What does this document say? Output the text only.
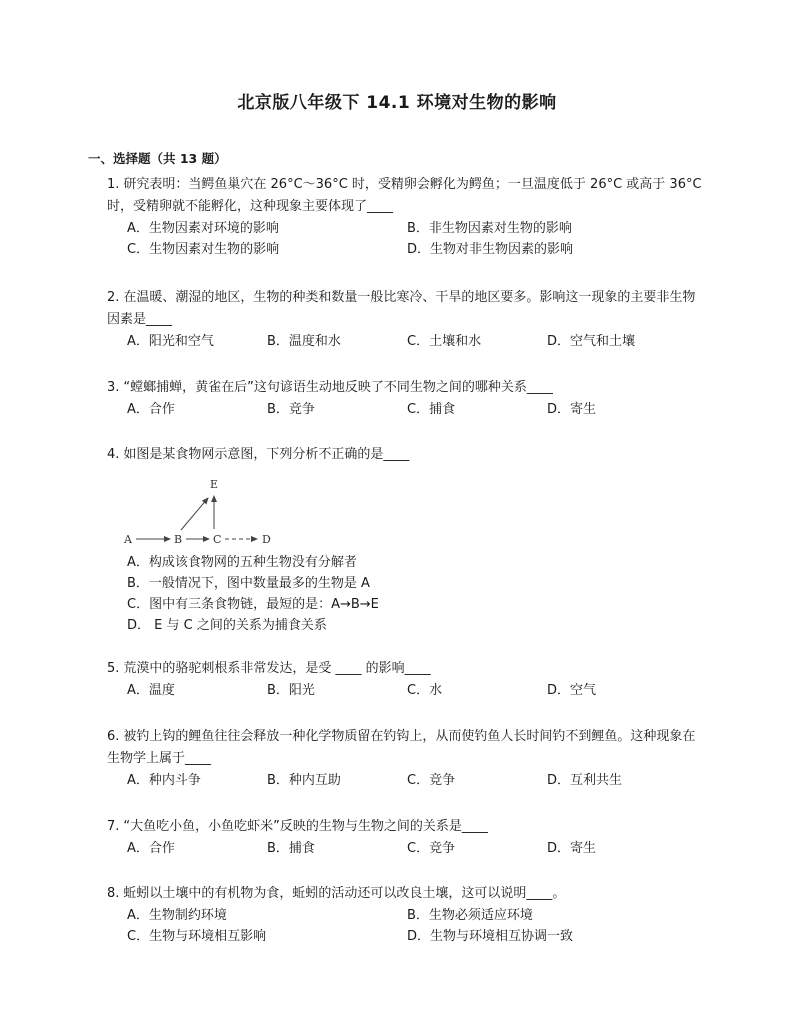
北京版八年级下 14.1 环境对生物的影响
一、选择题（共 13 题）
1. 研究表明：当鳄鱼巢穴在 26°C～36°C 时，受精卵会孵化为鳄鱼；一旦温度低于 26°C 或高于 36°C 时，受精卵就不能孵化，这种现象主要体现了____
A．生物因素对环境的影响	B．非生物因素对生物的影响
C．生物因素对生物的影响	D．生物对非生物因素的影响
2. 在温暖、潮湿的地区，生物的种类和数量一般比寒冷、干旱的地区要多。影响这一现象的主要非生物因素是____
A．阳光和空气	B．温度和水	C．土壤和水	D．空气和土壤
3. “螳螂捕蝉，黄雀在后”这句谚语生动地反映了不同生物之间的哪种关系____
A．合作	B．竞争	C．捕食	D．寄生
4. 如图是某食物网示意图，下列分析不正确的是____
A	B	C	D
E
A．构成该食物网的五种生物没有分解者
B．一般情况下，图中数量最多的生物是 A
C．图中有三条食物链，最短的是：A→B→E
D． E 与 C 之间的关系为捕食关系
5. 荒漠中的骆驼刺根系非常发达，是受 ____ 的影响____
A．温度	B．阳光	C．水	D．空气
6. 被钓上钩的鲤鱼往往会释放一种化学物质留在钓钩上，从而使钓鱼人长时间钓不到鲤鱼。这种现象在生物学上属于____
A．种内斗争	B．种内互助	C．竞争	D．互利共生
7. “大鱼吃小鱼，小鱼吃虾米”反映的生物与生物之间的关系是____
A．合作	B．捕食	C．竞争	D．寄生
8. 蚯蚓以土壤中的有机物为食，蚯蚓的活动还可以改良土壤，这可以说明____。
A．生物制约环境	B．生物必须适应环境
C．生物与环境相互影响	D．生物与环境相互协调一致
